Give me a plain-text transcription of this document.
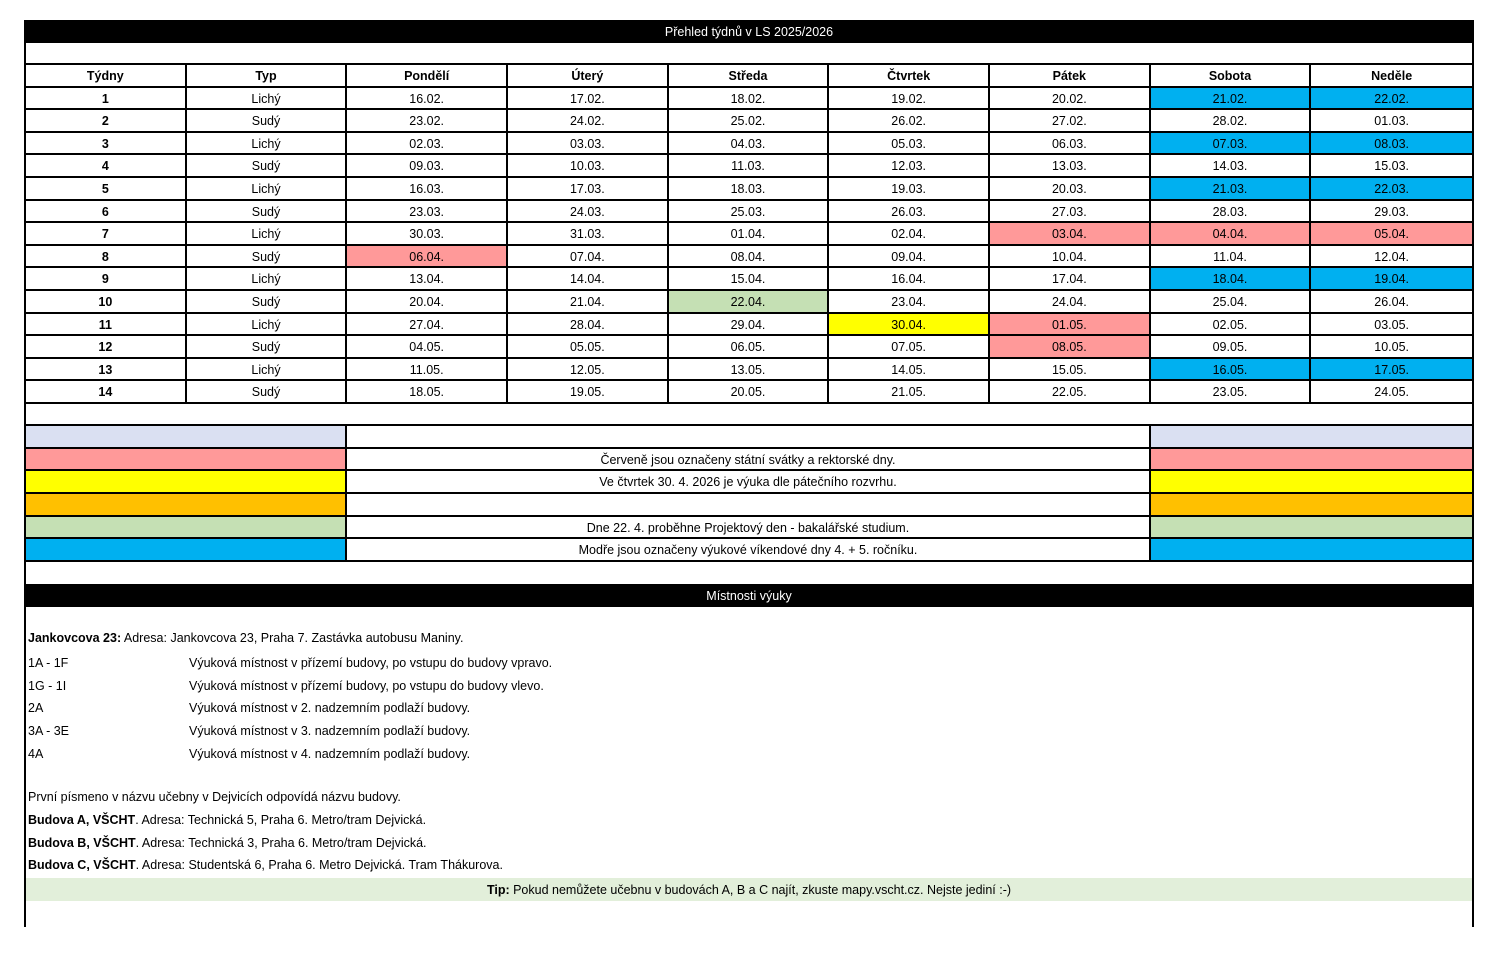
Přehled týdnů v LS 2025/2026
Týdny	Typ	Pondělí	Úterý	Středa	Čtvrtek	Pátek	Sobota	Neděle
1	Lichý	16.02.	17.02.	18.02.	19.02.	20.02.	21.02.	22.02.
2	Sudý	23.02.	24.02.	25.02.	26.02.	27.02.	28.02.	01.03.
3	Lichý	02.03.	03.03.	04.03.	05.03.	06.03.	07.03.	08.03.
4	Sudý	09.03.	10.03.	11.03.	12.03.	13.03.	14.03.	15.03.
5	Lichý	16.03.	17.03.	18.03.	19.03.	20.03.	21.03.	22.03.
6	Sudý	23.03.	24.03.	25.03.	26.03.	27.03.	28.03.	29.03.
7	Lichý	30.03.	31.03.	01.04.	02.04.	03.04.	04.04.	05.04.
8	Sudý	06.04.	07.04.	08.04.	09.04.	10.04.	11.04.	12.04.
9	Lichý	13.04.	14.04.	15.04.	16.04.	17.04.	18.04.	19.04.
10	Sudý	20.04.	21.04.	22.04.	23.04.	24.04.	25.04.	26.04.
11	Lichý	27.04.	28.04.	29.04.	30.04.	01.05.	02.05.	03.05.
12	Sudý	04.05.	05.05.	06.05.	07.05.	08.05.	09.05.	10.05.
13	Lichý	11.05.	12.05.	13.05.	14.05.	15.05.	16.05.	17.05.
14	Sudý	18.05.	19.05.	20.05.	21.05.	22.05.	23.05.	24.05.
Červeně jsou označeny státní svátky a rektorské dny.
Ve čtvrtek 30. 4. 2026 je výuka dle pátečního rozvrhu.
Dne 22. 4. proběhne Projektový den - bakalářské studium.
Modře jsou označeny výukové víkendové dny 4. + 5. ročníku.
Místnosti výuky
Jankovcova 23: Adresa: Jankovcova 23, Praha 7. Zastávka autobusu Maniny.
První písmeno v názvu učebny v Dejvicích odpovídá názvu budovy.
Tip: Pokud nemůžete učebnu v budovách A, B a C najít, zkuste mapy.vscht.cz. Nejste jediní :-)
1A - 1F	Výuková místnost v přízemí budovy, po vstupu do budovy vpravo.
1G - 1I	Výuková místnost v přízemí budovy, po vstupu do budovy vlevo.
2A	Výuková místnost v 2. nadzemním podlaží budovy.
3A - 3E	Výuková místnost v 3. nadzemním podlaží budovy.
4A	Výuková místnost v 4. nadzemním podlaží budovy.
Budova A, VŠCHT. Adresa: Technická 5, Praha 6. Metro/tram Dejvická.
Budova B, VŠCHT. Adresa: Technická 3, Praha 6. Metro/tram Dejvická.
Budova C, VŠCHT. Adresa: Studentská 6, Praha 6. Metro Dejvická. Tram Thákurova.
